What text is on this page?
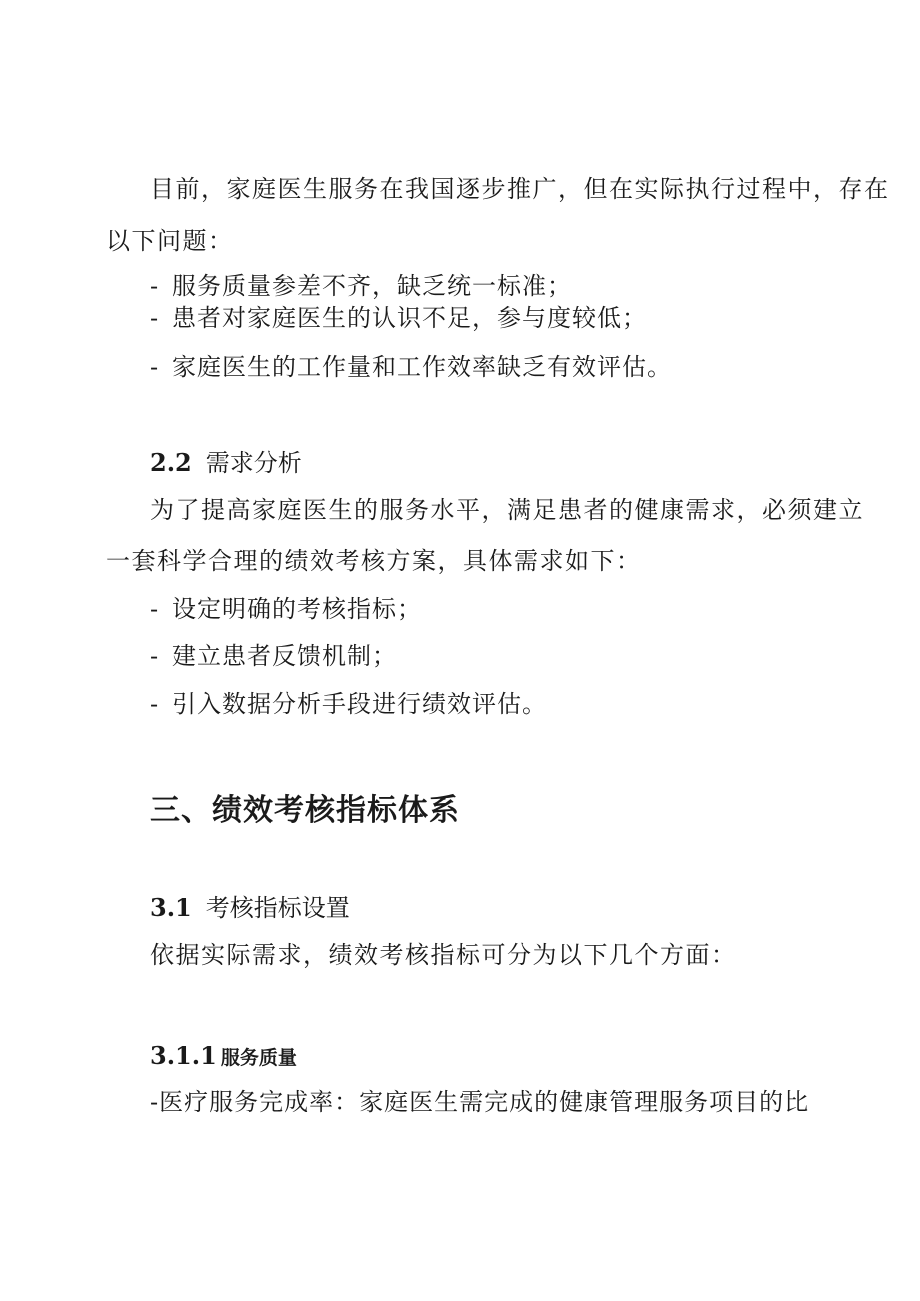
目前，家庭医生服务在我国逐步推广，但在实际执行过程中，存在
以下问题：
- 服务质量参差不齐，缺乏统一标准；
- 患者对家庭医生的认识不足，参与度较低；
- 家庭医生的工作量和工作效率缺乏有效评估。
2.2 需求分析
为了提高家庭医生的服务水平，满足患者的健康需求，必须建立
一套科学合理的绩效考核方案，具体需求如下：
- 设定明确的考核指标；
- 建立患者反馈机制；
- 引入数据分析手段进行绩效评估。
三、绩效考核指标体系
3.1 考核指标设置
依据实际需求，绩效考核指标可分为以下几个方面：
3.1.1 服务质量
-医疗服务完成率：家庭医生需完成的健康管理服务项目的比
